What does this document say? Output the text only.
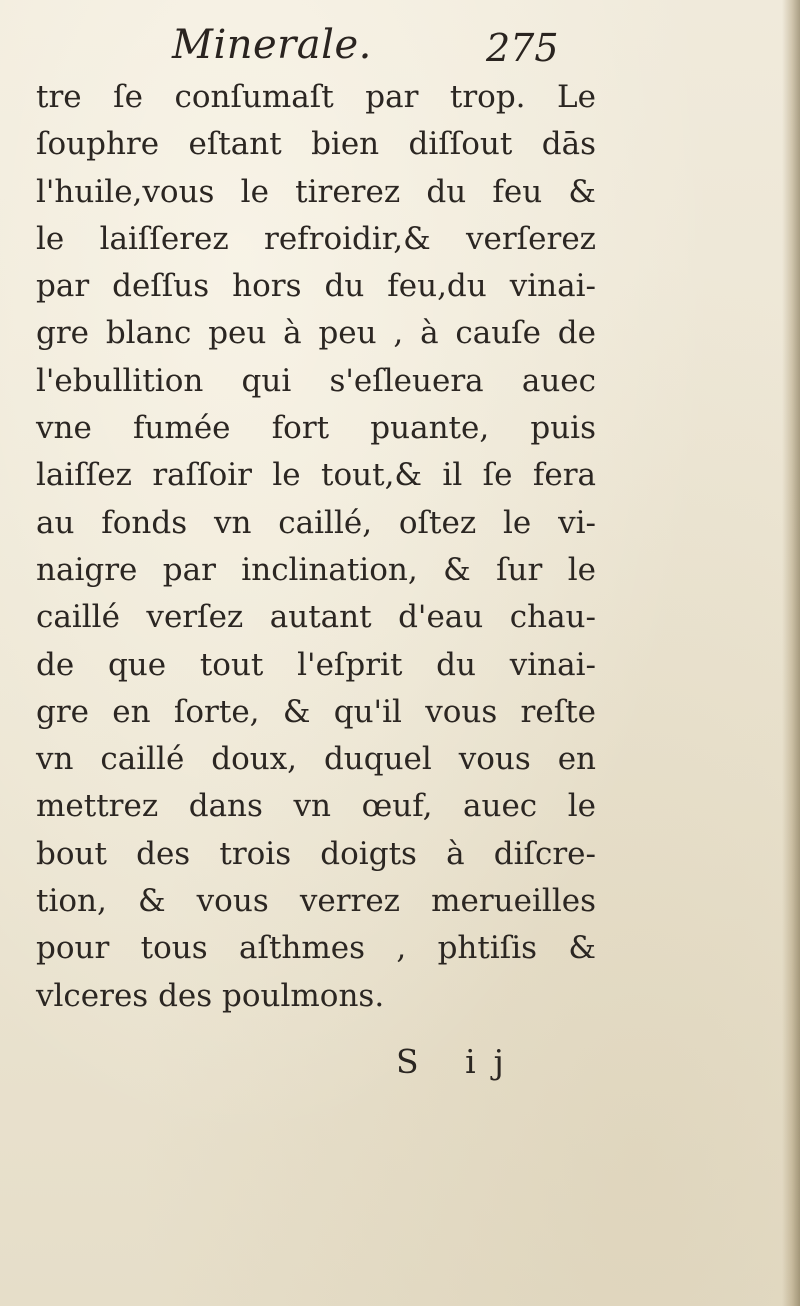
Minerale.	275
tre ſe conſumaſt par trop. Le
ſouphre eſtant bien diſſout dās
l'huile,vous le tirerez du feu &
le laiſſerez refroidir,& verſerez
par deſſus hors du feu,du vinai-
gre blanc peu à peu , à cauſe de
l'ebullition qui s'eſleuera auec
vne fumée fort puante, puis
laiſſez raſſoir le tout,& il ſe fera
au fonds vn caillé, oſtez le vi-
naigre par inclination, & ſur le
caillé verſez autant d'eau chau-
de que tout l'eſprit du vinai-
gre en ſorte, & qu'il vous reſte
vn caillé doux, duquel vous en
mettrez dans vn œuf, auec le
bout des trois doigts à diſcre-
tion, & vous verrez merueilles
pour tous aſthmes , phtiſis &
vlceres des poulmons.
S ij
